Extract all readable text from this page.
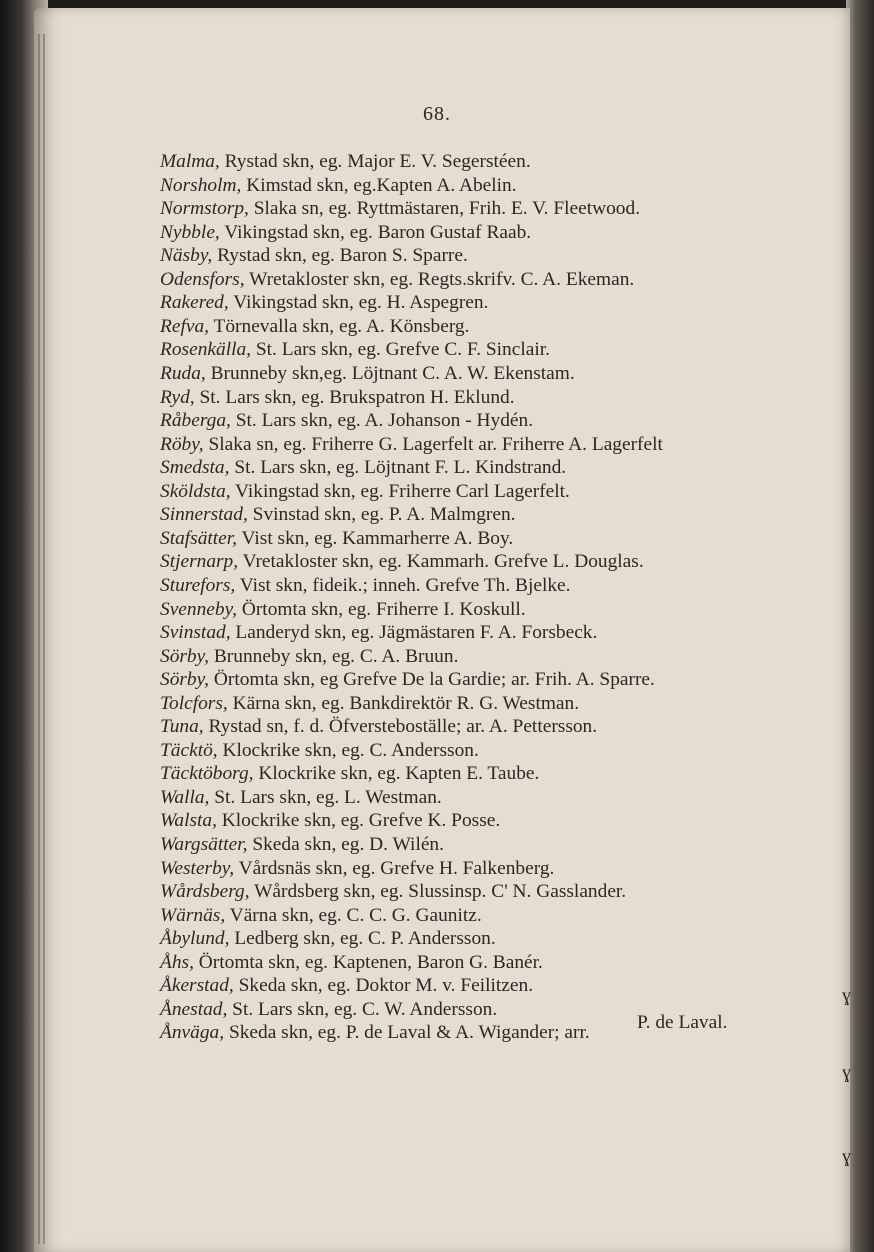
68.
Malma, Rystad skn, eg. Major E. V. Segerstéen.
Norsholm, Kimstad skn, eg.Kapten A. Abelin.
Normstorp, Slaka sn, eg. Ryttmästaren, Frih. E. V. Fleetwood.
Nybble, Vikingstad skn, eg. Baron Gustaf Raab.
Näsby, Rystad skn, eg. Baron S. Sparre.
Odensfors, Wretakloster skn, eg. Regts.skrifv. C. A. Ekeman.
Rakered, Vikingstad skn, eg. H. Aspegren.
Refva, Törnevalla skn, eg. A. Könsberg.
Rosenkälla, St. Lars skn, eg. Grefve C. F. Sinclair.
Ruda, Brunneby skn,eg. Löjtnant C. A. W. Ekenstam.
Ryd, St. Lars skn, eg. Brukspatron H. Eklund.
Råberga, St. Lars skn, eg. A. Johanson - Hydén.
Röby, Slaka sn, eg. Friherre G. Lagerfelt ar. Friherre A. Lagerfelt
Smedsta, St. Lars skn, eg. Löjtnant F. L. Kindstrand.
Sköldsta, Vikingstad skn, eg. Friherre Carl Lagerfelt.
Sinnerstad, Svinstad skn, eg. P. A. Malmgren.
Stafsätter, Vist skn, eg. Kammarherre A. Boy.
Stjernarp, Vretakloster skn, eg. Kammarh. Grefve L. Douglas.
Sturefors, Vist skn, fideik.; inneh. Grefve Th. Bjelke.
Svenneby, Örtomta skn, eg. Friherre I. Koskull.
Svinstad, Landeryd skn, eg. Jägmästaren F. A. Forsbeck.
Sörby, Brunneby skn, eg. C. A. Bruun.
Sörby, Örtomta skn, eg Grefve De la Gardie; ar. Frih. A. Sparre.
Tolcfors, Kärna skn, eg. Bankdirektör R. G. Westman.
Tuna, Rystad sn, f. d. Öfversteboställe; ar. A. Pettersson.
Täcktö, Klockrike skn, eg. C. Andersson.
Täcktöborg, Klockrike skn, eg. Kapten E. Taube.
Walla, St. Lars skn, eg. L. Westman.
Walsta, Klockrike skn, eg. Grefve K. Posse.
Wargsätter, Skeda skn, eg. D. Wilén.
Westerby, Vårdsnäs skn, eg. Grefve H. Falkenberg.
Wårdsberg, Wårdsberg skn, eg. Slussinsp. C' N. Gasslander.
Wärnäs, Värna skn, eg. C. C. G. Gaunitz.
Åbylund, Ledberg skn, eg. C. P. Andersson.
Åhs, Örtomta skn, eg. Kaptenen, Baron G. Banér.
Åkerstad, Skeda skn, eg. Doktor M. v. Feilitzen.
Ånestad, St. Lars skn, eg. C. W. Andersson.
Ånväga, Skeda skn, eg. P. de Laval & A. Wigander; arr. P. de Laval.
ɣ
ɣ
ɣ
